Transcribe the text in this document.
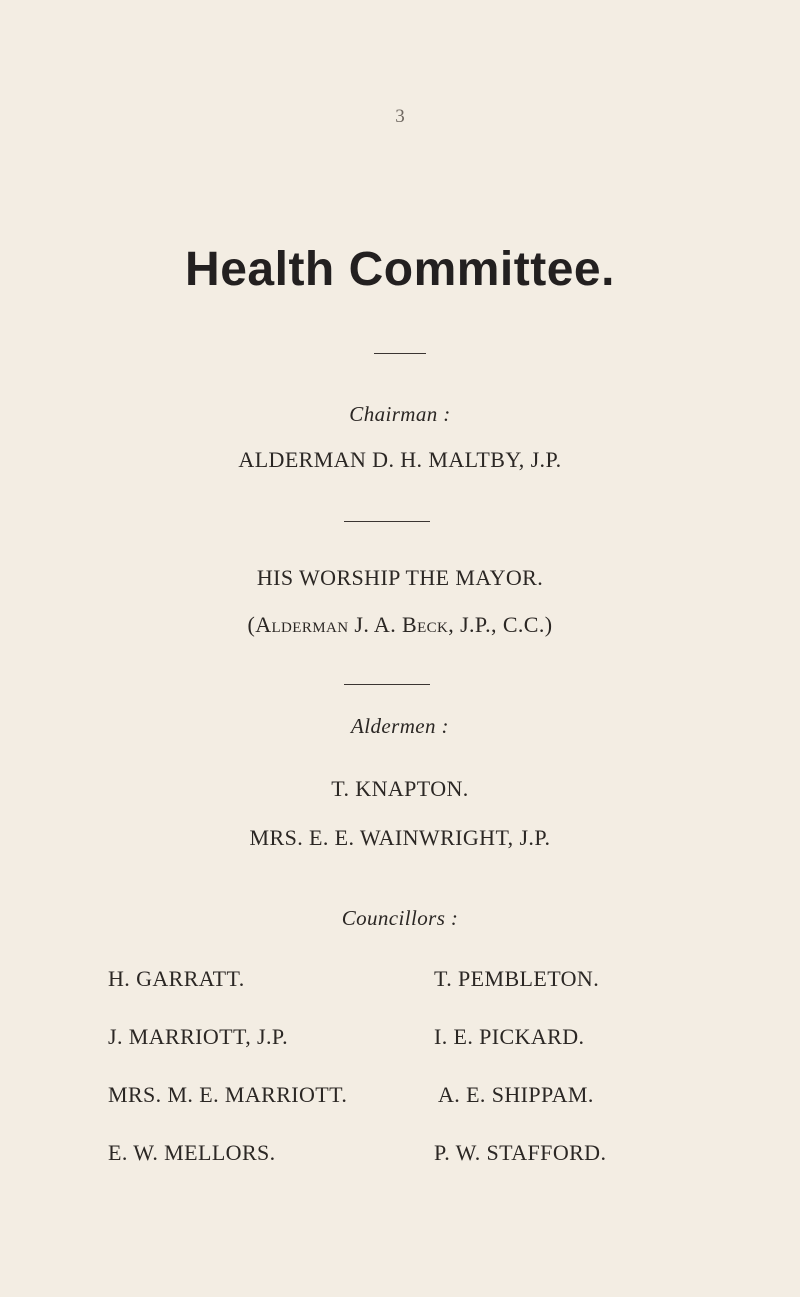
3
Health Committee.
Chairman :
ALDERMAN D. H. MALTBY, J.P.
HIS WORSHIP THE MAYOR.
(Alderman J. A. Beck, J.P., C.C.)
Aldermen :
T. KNAPTON.
MRS. E. E. WAINWRIGHT, J.P.
Councillors :
H. GARRATT.	T. PEMBLETON.
J. MARRIOTT, J.P.	I. E. PICKARD.
MRS. M. E. MARRIOTT.	A. E. SHIPPAM.
E. W. MELLORS.	P. W. STAFFORD.
